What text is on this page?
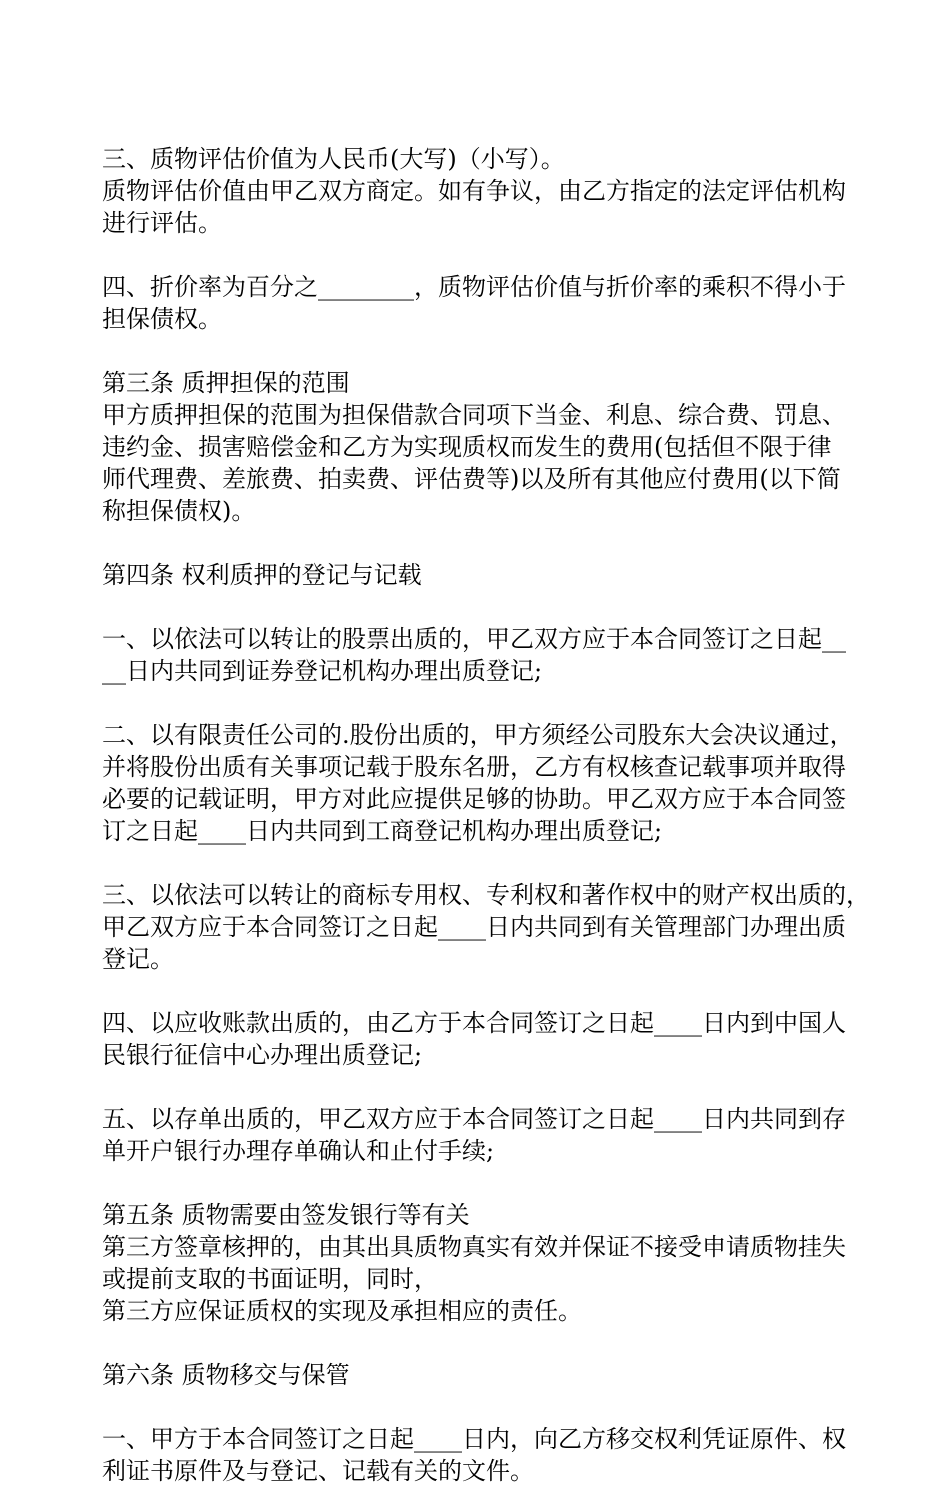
三、质物评估价值为人民币(大写)（小写）。
质物评估价值由甲乙双方商定。如有争议，由乙方指定的法定评估机构
进行评估。
四、折价率为百分之________，质物评估价值与折价率的乘积不得小于
担保债权。
第三条 质押担保的范围
甲方质押担保的范围为担保借款合同项下当金、利息、综合费、罚息、
违约金、损害赔偿金和乙方为实现质权而发生的费用(包括但不限于律
师代理费、差旅费、拍卖费、评估费等)以及所有其他应付费用(以下简
称担保债权)。
第四条 权利质押的登记与记载
一、以依法可以转让的股票出质的，甲乙双方应于本合同签订之日起__
__日内共同到证券登记机构办理出质登记;
二、以有限责任公司的.股份出质的，甲方须经公司股东大会决议通过，
并将股份出质有关事项记载于股东名册，乙方有权核查记载事项并取得
必要的记载证明，甲方对此应提供足够的协助。甲乙双方应于本合同签
订之日起____日内共同到工商登记机构办理出质登记;
三、以依法可以转让的商标专用权、专利权和著作权中的财产权出质的，
甲乙双方应于本合同签订之日起____日内共同到有关管理部门办理出质
登记。
四、以应收账款出质的，由乙方于本合同签订之日起____日内到中国人
民银行征信中心办理出质登记;
五、以存单出质的，甲乙双方应于本合同签订之日起____日内共同到存
单开户银行办理存单确认和止付手续;
第五条 质物需要由签发银行等有关
第三方签章核押的，由其出具质物真实有效并保证不接受申请质物挂失
或提前支取的书面证明，同时，
第三方应保证质权的实现及承担相应的责任。
第六条 质物移交与保管
一、甲方于本合同签订之日起____日内，向乙方移交权利凭证原件、权
利证书原件及与登记、记载有关的文件。
